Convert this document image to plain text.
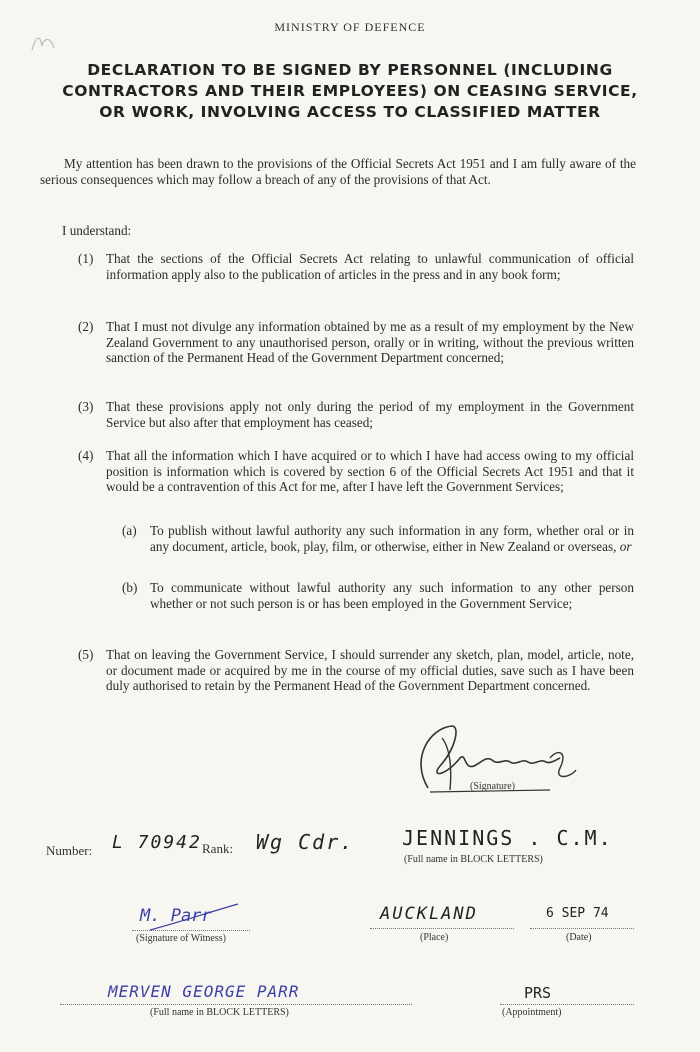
MINISTRY OF DEFENCE
DECLARATION TO BE SIGNED BY PERSONNEL (INCLUDING
CONTRACTORS AND THEIR EMPLOYEES) ON CEASING SERVICE,
OR WORK, INVOLVING ACCESS TO CLASSIFIED MATTER
My attention has been drawn to the provisions of the Official Secrets Act 1951 and I am fully aware of the serious consequences which may follow a breach of any of the provisions of that Act.
I understand:
(1) That the sections of the Official Secrets Act relating to unlawful communication of official information apply also to the publication of articles in the press and in any book form;
(2) That I must not divulge any information obtained by me as a result of my employment by the New Zealand Government to any unauthorised person, orally or in writing, without the previous written sanction of the Permanent Head of the Government Department concerned;
(3) That these provisions apply not only during the period of my employment in the Government Service but also after that employment has ceased;
(4) That all the information which I have acquired or to which I have had access owing to my official position is information which is covered by section 6 of the Official Secrets Act 1951 and that it would be a contravention of this Act for me, after I have left the Government Services;
(a)	To publish without lawful authority any such information in any form, whether oral or in any document, article, book, play, film, or otherwise, either in New Zealand or overseas, or
(b) To communicate without lawful authority any such information to any other person whether or not such person is or has been employed in the Government Service;
(5) That on leaving the Government Service, I should surrender any sketch, plan, model, article, note, or document made or acquired by me in the course of my official duties, save such as I have been duly authorised to retain by the Permanent Head of the Government Department concerned.
(Signature)
Number: L 70942 Rank: Wg Cdr. JENNINGS . C.M.
(Full name in BLOCK LETTERS)
M. Parr
(Signature of Witness)
AUCKLAND
(Place)
6 SEP 74
(Date)
MERVEN GEORGE PARR
(Full name in BLOCK LETTERS)
PRS
(Appointment)
